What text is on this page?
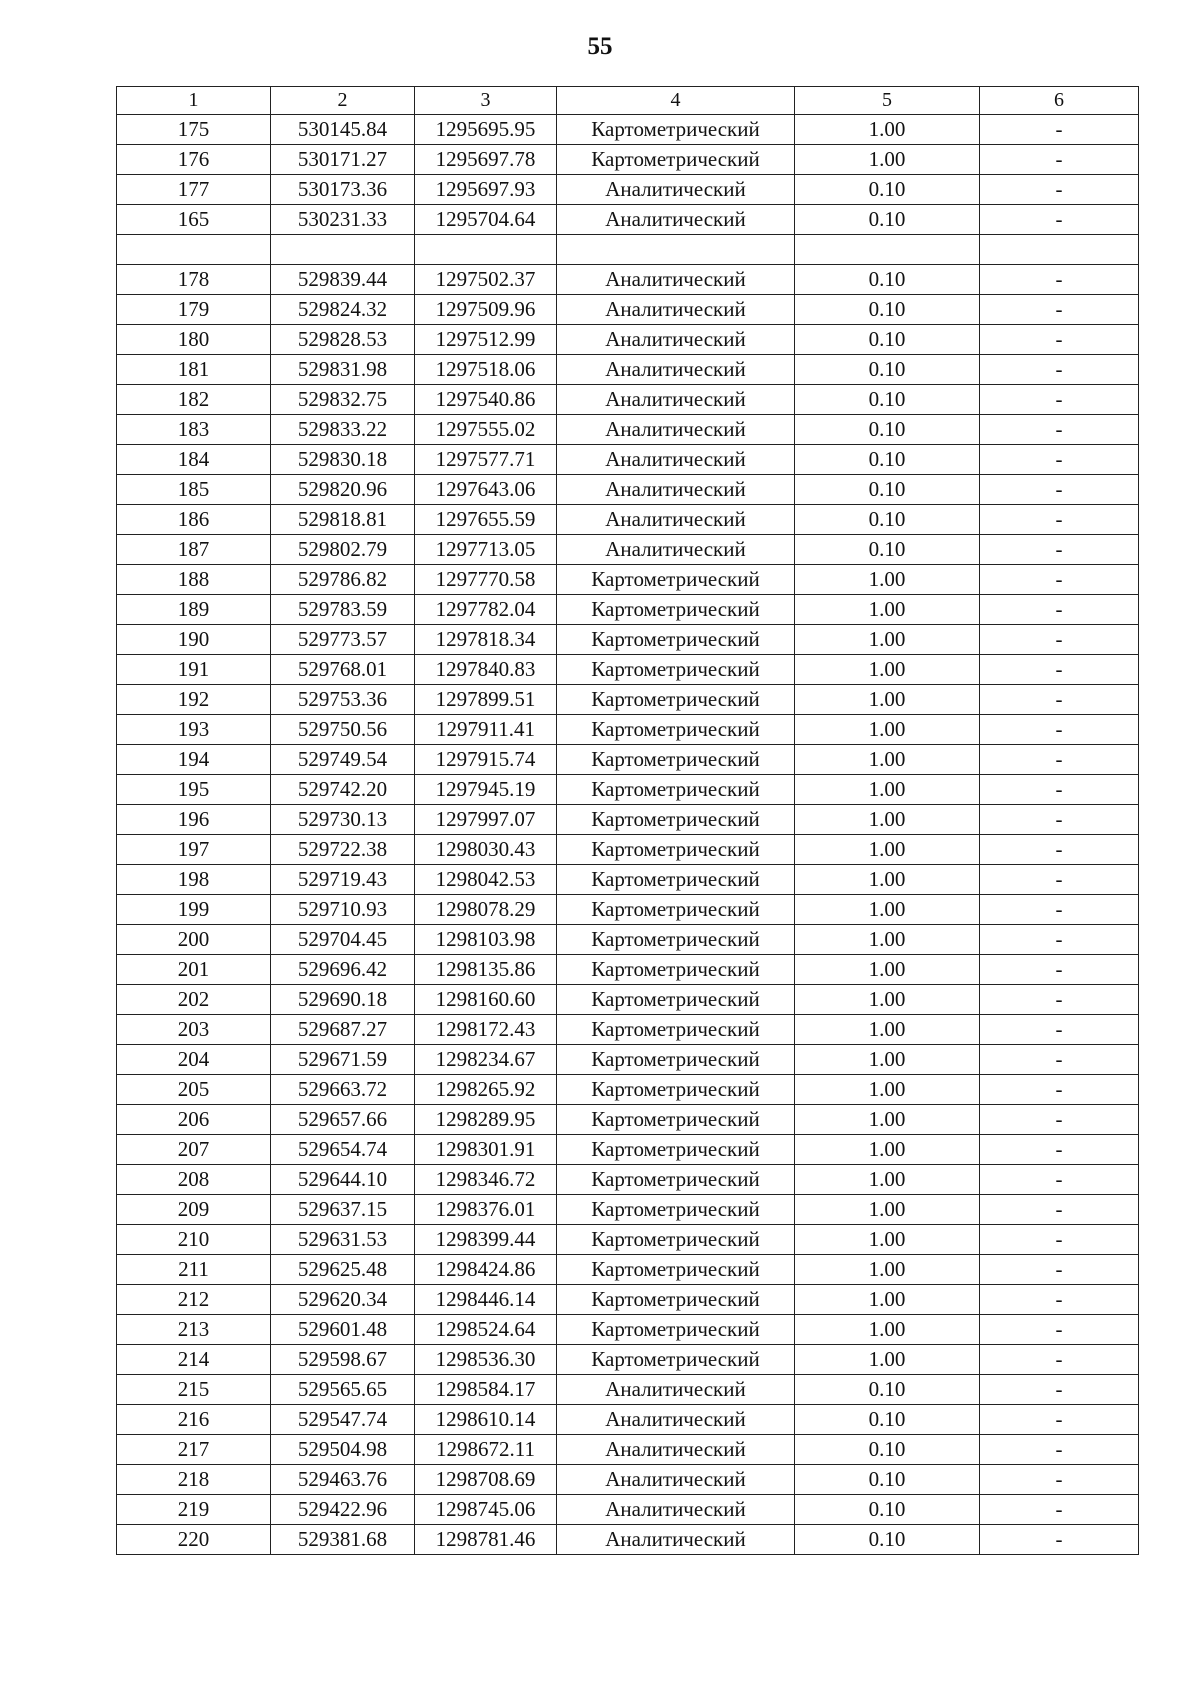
55
1	2	3	4	5	6
175	530145.84	1295695.95	Картометрический	1.00	-
176	530171.27	1295697.78	Картометрический	1.00	-
177	530173.36	1295697.93	Аналитический	0.10	-
165	530231.33	1295704.64	Аналитический	0.10	-

178	529839.44	1297502.37	Аналитический	0.10	-
179	529824.32	1297509.96	Аналитический	0.10	-
180	529828.53	1297512.99	Аналитический	0.10	-
181	529831.98	1297518.06	Аналитический	0.10	-
182	529832.75	1297540.86	Аналитический	0.10	-
183	529833.22	1297555.02	Аналитический	0.10	-
184	529830.18	1297577.71	Аналитический	0.10	-
185	529820.96	1297643.06	Аналитический	0.10	-
186	529818.81	1297655.59	Аналитический	0.10	-
187	529802.79	1297713.05	Аналитический	0.10	-
188	529786.82	1297770.58	Картометрический	1.00	-
189	529783.59	1297782.04	Картометрический	1.00	-
190	529773.57	1297818.34	Картометрический	1.00	-
191	529768.01	1297840.83	Картометрический	1.00	-
192	529753.36	1297899.51	Картометрический	1.00	-
193	529750.56	1297911.41	Картометрический	1.00	-
194	529749.54	1297915.74	Картометрический	1.00	-
195	529742.20	1297945.19	Картометрический	1.00	-
196	529730.13	1297997.07	Картометрический	1.00	-
197	529722.38	1298030.43	Картометрический	1.00	-
198	529719.43	1298042.53	Картометрический	1.00	-
199	529710.93	1298078.29	Картометрический	1.00	-
200	529704.45	1298103.98	Картометрический	1.00	-
201	529696.42	1298135.86	Картометрический	1.00	-
202	529690.18	1298160.60	Картометрический	1.00	-
203	529687.27	1298172.43	Картометрический	1.00	-
204	529671.59	1298234.67	Картометрический	1.00	-
205	529663.72	1298265.92	Картометрический	1.00	-
206	529657.66	1298289.95	Картометрический	1.00	-
207	529654.74	1298301.91	Картометрический	1.00	-
208	529644.10	1298346.72	Картометрический	1.00	-
209	529637.15	1298376.01	Картометрический	1.00	-
210	529631.53	1298399.44	Картометрический	1.00	-
211	529625.48	1298424.86	Картометрический	1.00	-
212	529620.34	1298446.14	Картометрический	1.00	-
213	529601.48	1298524.64	Картометрический	1.00	-
214	529598.67	1298536.30	Картометрический	1.00	-
215	529565.65	1298584.17	Аналитический	0.10	-
216	529547.74	1298610.14	Аналитический	0.10	-
217	529504.98	1298672.11	Аналитический	0.10	-
218	529463.76	1298708.69	Аналитический	0.10	-
219	529422.96	1298745.06	Аналитический	0.10	-
220	529381.68	1298781.46	Аналитический	0.10	-
